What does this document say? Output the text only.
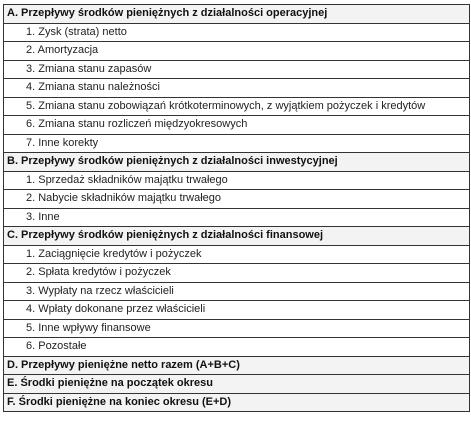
A. Przepływy środków pieniężnych z działalności operacyjnej
1. Zysk (strata) netto
2. Amortyzacja
3. Zmiana stanu zapasów
4. Zmiana stanu należności
5. Zmiana stanu zobowiązań krótkoterminowych, z wyjątkiem pożyczek i kredytów
6. Zmiana stanu rozliczeń międzyokresowych
7. Inne korekty
B. Przepływy środków pieniężnych z działalności inwestycyjnej
1. Sprzedaż składników majątku trwałego
2. Nabycie składników majątku trwałego
3. Inne
C. Przepływy środków pieniężnych z działalności finansowej
1. Zaciągnięcie kredytów i pożyczek
2. Spłata kredytów i pożyczek
3. Wypłaty na rzecz właścicieli
4. Wpłaty dokonane przez właścicieli
5. Inne wpływy finansowe
6. Pozostałe
D. Przepływy pieniężne netto razem (A+B+C)
E. Środki pieniężne na początek okresu
F. Środki pieniężne na koniec okresu (E+D)
